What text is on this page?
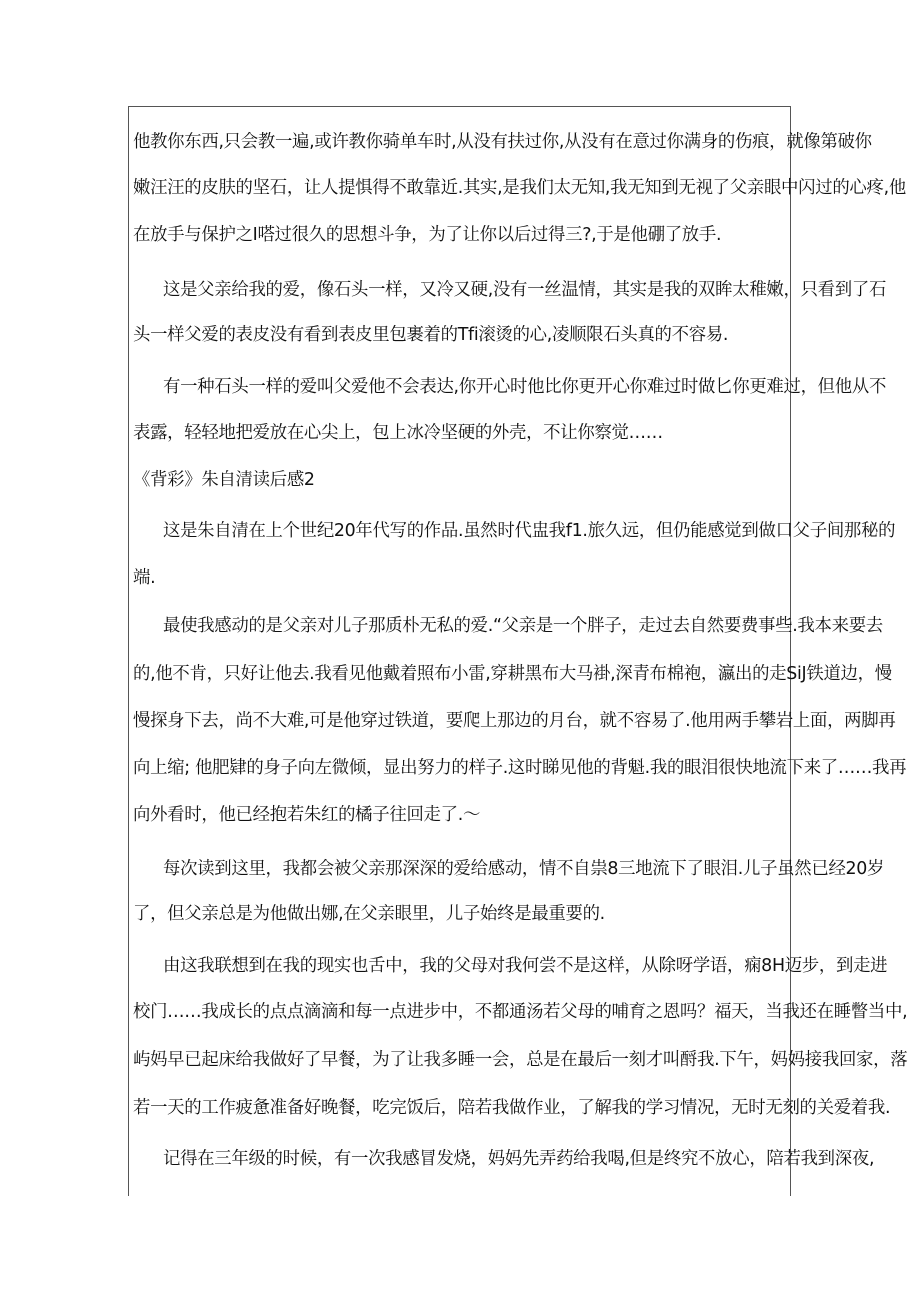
他教你东西,只会教一遍,或许教你骑单车时,从没有扶过你,从没有在意过你满身的伤痕，就像第破你
嫩汪汪的皮肤的坚石，让人提惧得不敢靠近.其实,是我们太无知,我无知到无视了父亲眼中闪过的心疼,他
在放手与保护之I嗒过很久的思想斗争，为了让你以后过得三?,于是他硼了放手.
这是父亲给我的爱，像石头一样，又冷又硬,没有一丝温情，其实是我的双眸太稚嫩，只看到了石
头一样父爱的表皮没有看到表皮里包裹着的Tfi滚烫的心,凌顺限石头真的不容易.
有一种石头一样的爱叫父爱他不会表达,你开心时他比你更开心你难过时做匕你更难过，但他从不
表露，轻轻地把爱放在心尖上，包上冰冷坚硬的外壳，不让你察觉……
《背彩》朱自清读后感2
这是朱自清在上个世纪20年代写的作品.虽然时代盅我f1.旅久远，但仍能感觉到做口父子间那秘的
端.
最使我感动的是父亲对儿子那质朴无私的爱.“父亲是一个胖子，走过去自然要费事些.我本来要去
的,他不肯，只好让他去.我看见他戴着照布小雷,穿耕黑布大马褂,深青布棉袍，瀛出的走SiJ铁道边，慢
慢探身下去，尚不大难,可是他穿过铁道，要爬上那边的月台，就不容易了.他用两手攀岩上面，两脚再
向上缩; 他肥肄的身子向左微倾，显出努力的样子.这时睇见他的背魁.我的眼泪很快地流下来了……我再
向外看时，他已经抱若朱红的橘子往回走了.〜
每次读到这里，我都会被父亲那深深的爱给感动，情不自祟8三地流下了眼泪.儿子虽然已经20岁
了，但父亲总是为他做出娜,在父亲眼里，儿子始终是最重要的.
由这我联想到在我的现实也舌中，我的父母对我何尝不是这样，从除呀学语，痫8H迈步，到走进
校门……我成长的点点滴滴和每一点进步中，不都通汤若父母的哺育之恩吗？福天，当我还在睡瞥当中,
屿妈早已起床给我做好了早餐，为了让我多睡一会，总是在最后一刻才叫酹我.下午，妈妈接我回家，落
若一天的工作疲惫准备好晚餐，吃完饭后，陪若我做作业，了解我的学习情况，无时无刻的关爱着我.
记得在三年级的时候，有一次我感冒发烧，妈妈先弄药给我喝,但是终究不放心，陪若我到深夜,
